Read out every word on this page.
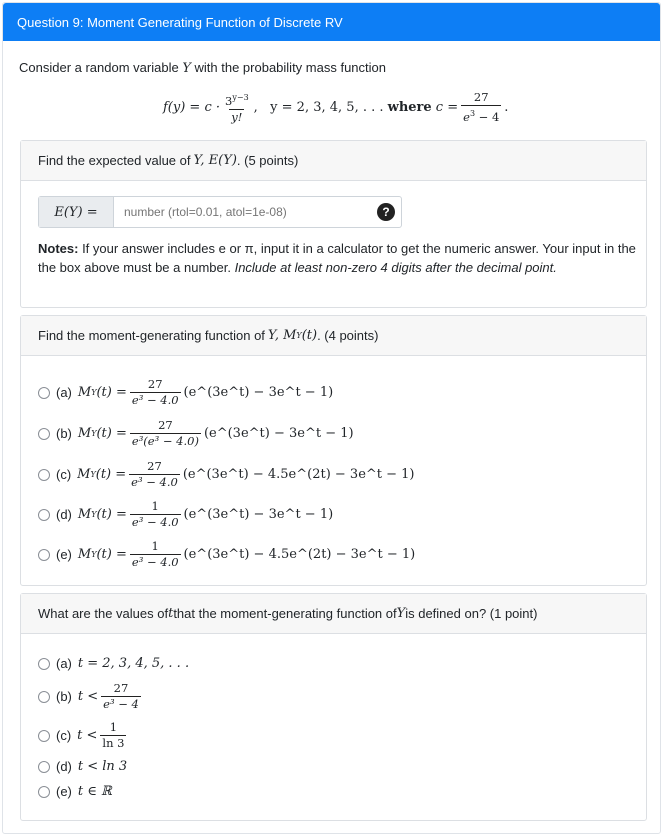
Question 9: Moment Generating Function of Discrete RV
Consider a random variable Y with the probability mass function
$f(y) = c \cdot \frac{3^{y-3}}{y!}$ ,   y = 2, 3, 4, 5, . . . where $c = \frac{27}{e^3 - 4}$ .
Find the expected value of Y, E(Y) . (5 points)
E(Y) =
number (rtol=0.01, atol=1e-08)	?
Notes: If your answer includes e or π, input it in a calculator to get the numeric answer. Your input in the the box above must be a number. Include at least non-zero 4 digits after the decimal point.
Find the moment-generating function of Y, M Y (t) . (4 points)
(a) M Y $(t) = \frac{27}{\text{e³ − 4.0}}$ (e^(3e^t) − 3e^t − 1)
(b) M Y $(t) = \frac{27}{\text{e³(e³ − 4.0)}}$ (e^(3e^t) − 3e^t − 1)
(c) M Y $(t) = \frac{27}{\text{e³ − 4.0}}$ (e^(3e^t) − 4.5e^(2t) − 3e^t − 1)
(d) M Y $(t) = \frac{1}{\text{e³ − 4.0}}$ (e^(3e^t) − 3e^t − 1)
(e) M Y $(t) = \frac{1}{\text{e³ − 4.0}}$ (e^(3e^t) − 4.5e^(2t) − 3e^t − 1)
What are the values of t that the moment-generating function of Y is defined on? (1 point)
(a) t = 2, 3, 4, 5, . . .
(b) $t < \frac{27}{\text{e³ − 4}}$
(c) $t < \frac{1}{\ln 3}$
(d) t < ln 3
(e) t ∈ ℝ
